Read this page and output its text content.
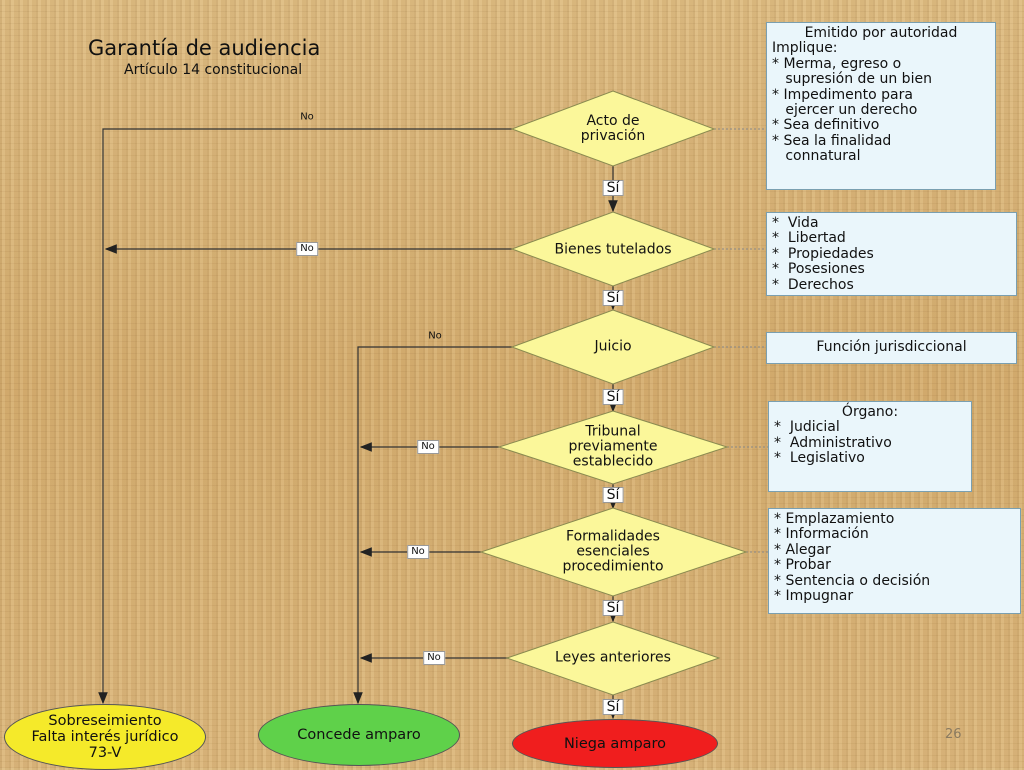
Garantía de audiencia
Artículo 14 constitucional
Acto de
privación
Bienes tutelados
Juicio
Tribunal
previamente
establecido
Formalidades
esenciales
procedimiento
Leyes anteriores
Sí
Sí
Sí
Sí
Sí
Sí
No
No
No
No
No
No
Emitido por autoridad
Implique:
* Merma, egreso o
supresión de un bien
* Impedimento para
ejercer un derecho
* Sea definitivo
* Sea la finalidad
connatural
*  Vida
*  Libertad
*  Propiedades
*  Posesiones
*  Derechos
Función jurisdiccional
Órgano:
*  Judicial
*  Administrativo
*  Legislativo
* Emplazamiento
* Información
* Alegar
* Probar
* Sentencia o decisión
* Impugnar
Sobreseimiento
Falta interés jurídico
73-V
Concede amparo
Niega amparo
26
